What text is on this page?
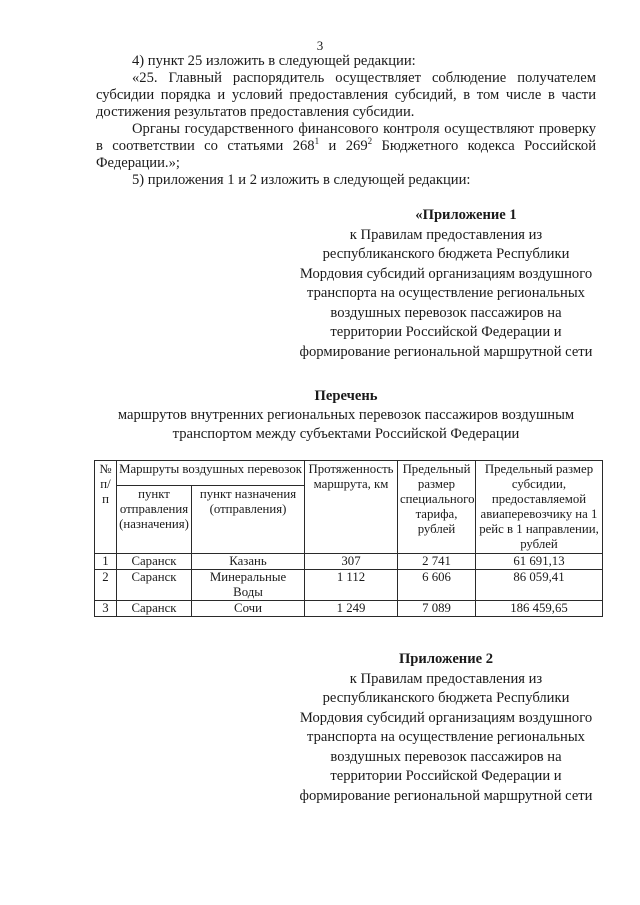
3

4) пункт 25 изложить в следующей редакции:

«25. Главный распорядитель осуществляет соблюдение получателем субсидии порядка и условий предоставления субсидий, в том числе в части достижения результатов предоставления субсидии.

Органы государственного финансового контроля осуществляют проверку в соответствии со статьями $268^1$ и $269^2$ Бюджетного кодекса Российской Федерации.»;

5) приложения 1 и 2 изложить в следующей редакции:

«Приложение 1
к Правилам предоставления из
республиканского бюджета Республики
Мордовия субсидий организациям воздушного
транспорта на осуществление региональных
воздушных перевозок пассажиров на
территории Российской Федерации и
формирование региональной маршрутной сети
Перечень
маршрутов внутренних региональных перевозок пассажиров воздушным
транспортом между субъектами Российской Федерации
№ п/п	Маршруты воздушных перевозок		Протяженность маршрута, км	Предельный размер специального тарифа, рублей	Предельный размер субсидии, предоставляемой авиаперевозчику на 1 рейс в 1 направлении, рублей
	пункт отправления (назначения)	пункт назначения (отправления)			
1	Саранск	Казань	307	2 741	61 691,13
2	Саранск	Минеральные Воды	1 112	6 606	86 059,41
3	Саранск	Сочи	1 249	7 089	186 459,65
Приложение 2
к Правилам предоставления из
республиканского бюджета Республики
Мордовия субсидий организациям воздушного
транспорта на осуществление региональных
воздушных перевозок пассажиров на
территории Российской Федерации и
формирование региональной маршрутной сети
